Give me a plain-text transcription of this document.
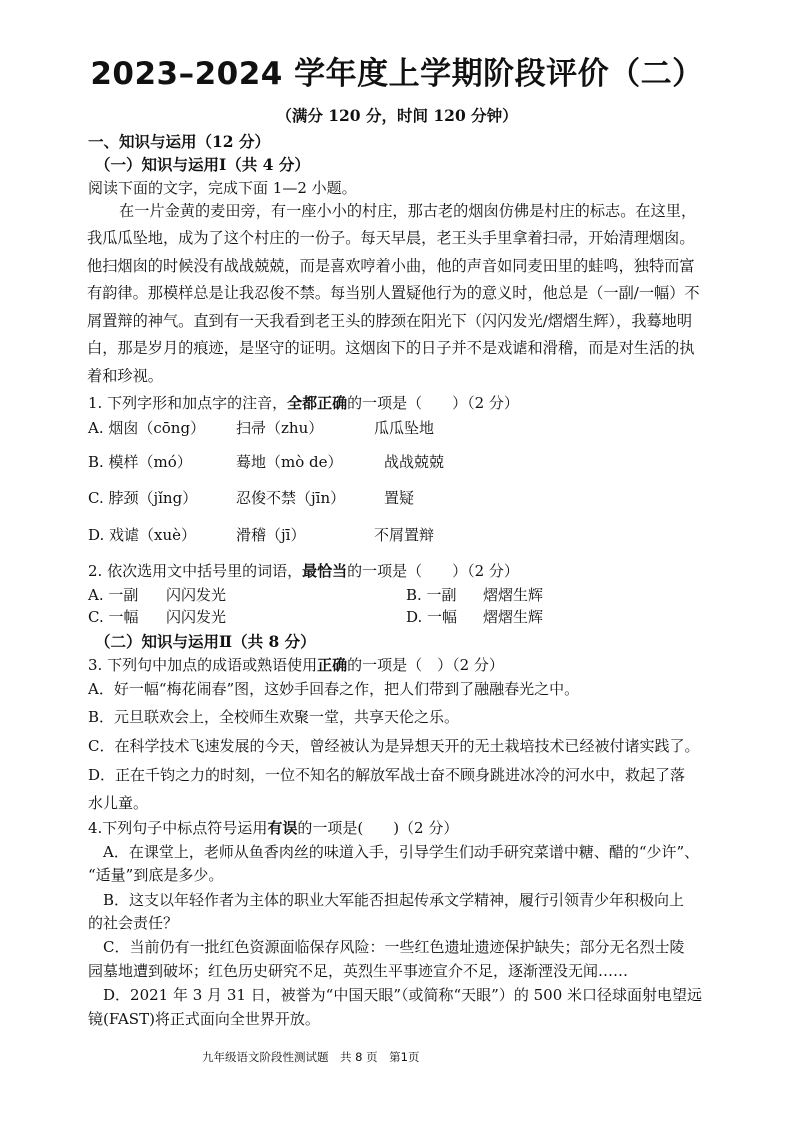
2023–2024 学年度上学期阶段评价（二）
（满分 120 分，时间 120 分钟）
一、知识与运用（12 分）
（一）知识与运用Ⅰ（共 4 分）
阅读下面的文字，完成下面 1—2 小题。
在一片金黄的麦田旁，有一座小小的村庄，那古老的烟囱仿佛是村庄的标志。在这里，
我瓜瓜坠地，成为了这个村庄的一份子。每天早晨，老王头手里拿着扫帚，开始清理烟囱。
他扫烟囱的时候没有战战兢兢，而是喜欢哼着小曲，他的声音如同麦田里的蛙鸣，独特而富
有韵律。那模样总是让我忍俊不禁。每当别人置疑他行为的意义时，他总是（一副/一幅）不
屑置辩的神气。直到有一天我看到老王头的脖颈在阳光下（闪闪发光/熠熠生辉），我蓦地明
白，那是岁月的痕迹，是坚守的证明。这烟囱下的日子并不是戏谑和滑稽，而是对生活的执
着和珍视。
1. 下列字形和加点字的注音，全都正确的一项是（　　）（2 分）
A. 烟囱（cōng） 扫帚（zhu）	瓜瓜坠地
B. 模样（mó）	蓦地（mò de）	战战兢兢
C. 脖颈（jǐng）	忍俊不禁（jīn）	置疑
D. 戏谑（xuè）	滑稽（jī）	不屑置辩
2. 依次选用文中括号里的词语，最恰当的一项是（　　）（2 分）
A. 一副 闪闪发光	B. 一副 熠熠生辉
C. 一幅 闪闪发光	D. 一幅 熠熠生辉
（二）知识与运用Ⅱ（共 8 分）
3. 下列句中加点的成语或熟语使用正确的一项是（　）（2 分）
A．好一幅“梅花闹春”图，这妙手回春之作，把人们带到了融融春光之中。
B．元旦联欢会上，全校师生欢聚一堂，共享天伦之乐。
C．在科学技术飞速发展的今天，曾经被认为是异想天开的无土栽培技术已经被付诸实践了。
D．正在千钧之力的时刻，一位不知名的解放军战士奋不顾身跳进冰冷的河水中，救起了落
水儿童。
4.下列句子中标点符号运用有误的一项是(　　)（2 分）
A．在课堂上，老师从鱼香肉丝的味道入手，引导学生们动手研究菜谱中糖、醋的“少许”、
“适量”到底是多少。
B．这支以年轻作者为主体的职业大军能否担起传承文学精神，履行引领青少年积极向上
的社会责任？
C．当前仍有一批红色资源面临保存风险：一些红色遗址遗迹保护缺失；部分无名烈士陵
园墓地遭到破坏；红色历史研究不足，英烈生平事迹宣介不足，逐渐湮没无闻……
D．2021 年 3 月 31 日，被誉为“中国天眼”（或简称“天眼”）的 500 米口径球面射电望远
镜(FAST)将正式面向全世界开放。
九年级语文阶段性测试题　共 8 页　第1页
